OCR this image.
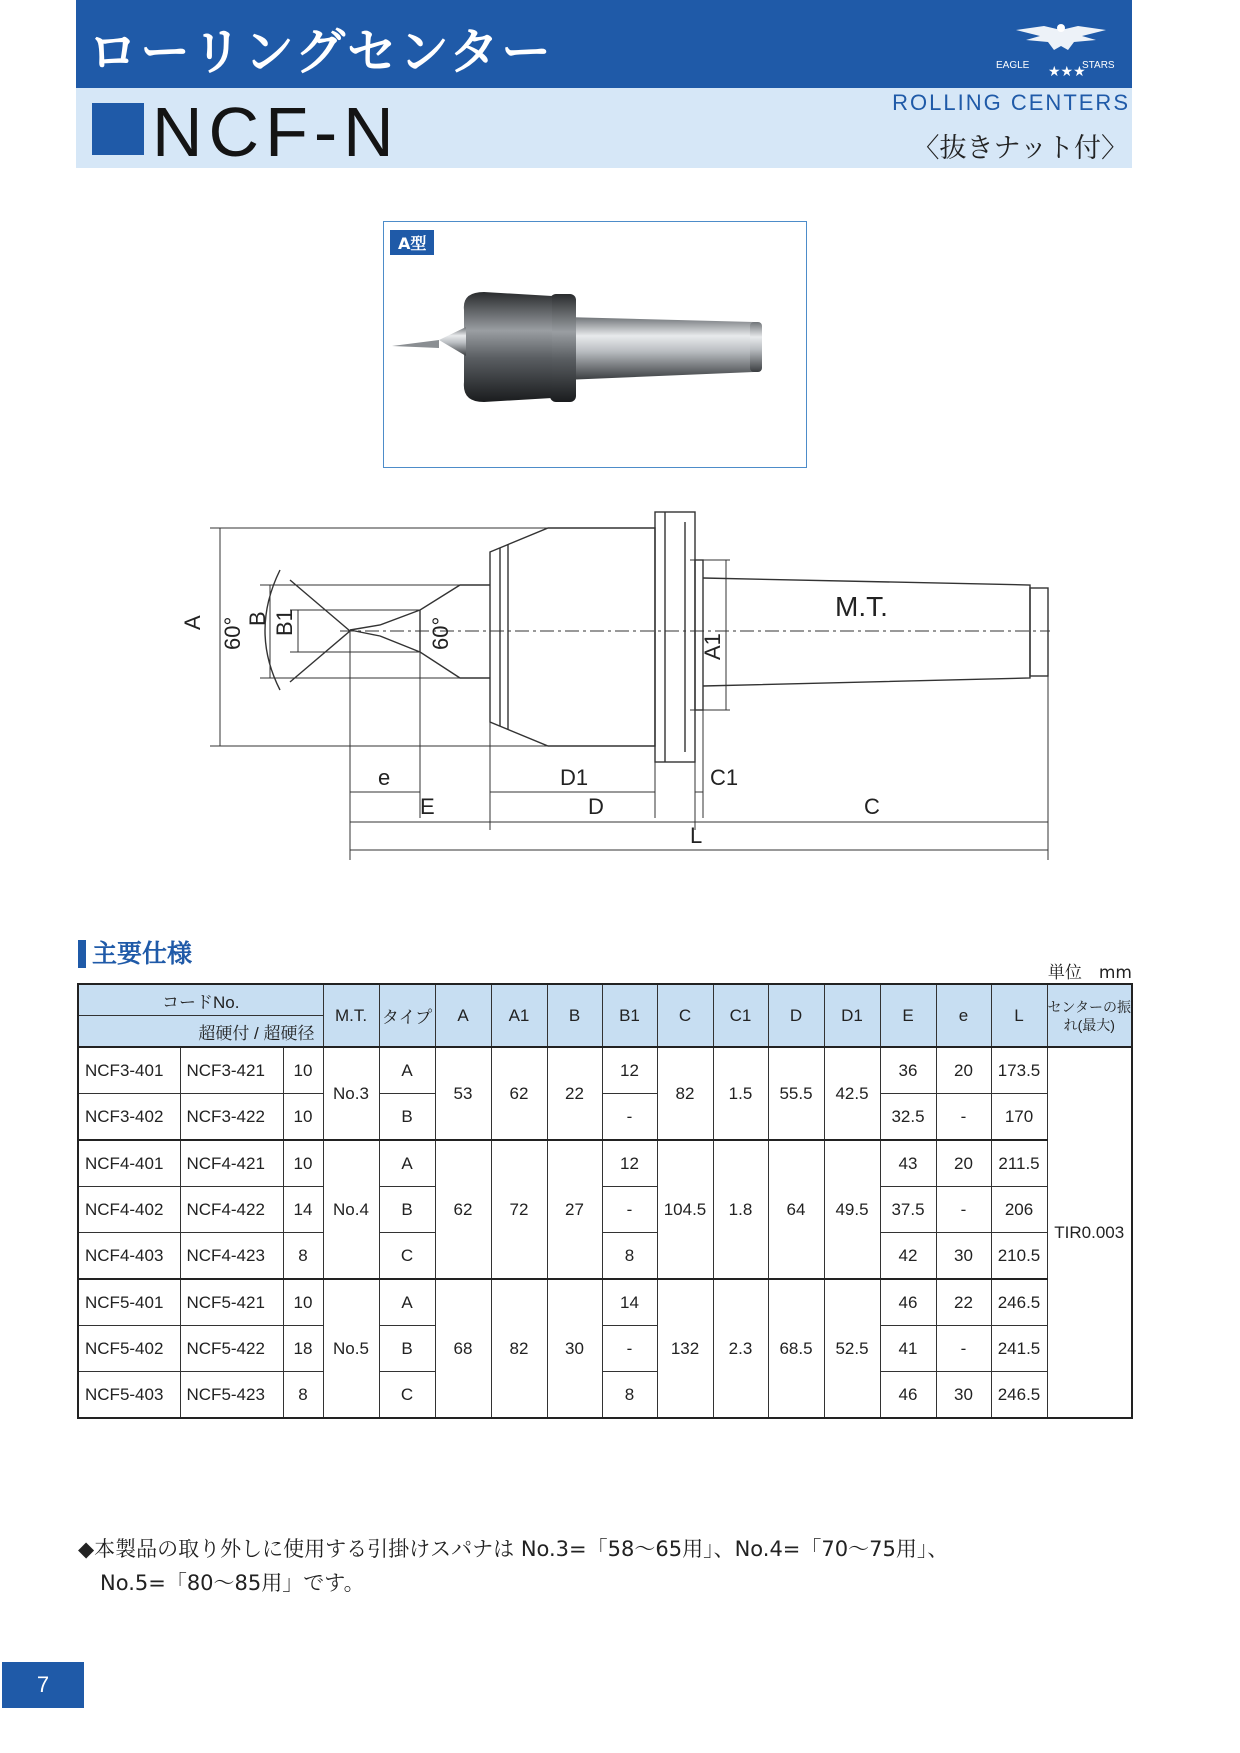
ローリングセンター
NCF-N
EAGLE	STARS
★★★
ROLLING CENTERS
〈抜きナット付〉
A型
A 60° B B1	60°	A1
M.T.
e	D1	C1
E	D	C
L
主要仕様
単位　mm
コードNo.			M.T.	タイプ	A	A1	B	B1	C	C1	D	D1	E	e	L	センターの振れ(最大)
超硬付 / 超硬径																
NCF3-401	NCF3-421	10	No.3	A	53	62	22	12	82	1.5	55.5	42.5	36	20	173.5	TIR0.003
NCF3-402	NCF3-422	10		B				-					32.5	-	170	
NCF4-401	NCF4-421	10	No.4	A	62	72	27	12	104.5	1.8	64	49.5	43	20	211.5	
NCF4-402	NCF4-422	14		B				-					37.5	-	206	
NCF4-403	NCF4-423	8		C				8					42	30	210.5	
NCF5-401	NCF5-421	10	No.5	A	68	82	30	14	132	2.3	68.5	52.5	46	22	246.5	
NCF5-402	NCF5-422	18		B				-					41	-	241.5	
NCF5-403	NCF5-423	8		C				8					46	30	246.5	
◆本製品の取り外しに使用する引掛けスパナは No.3=「58〜65用」、No.4=「70〜75用」、
No.5=「80〜85用」です。
7
